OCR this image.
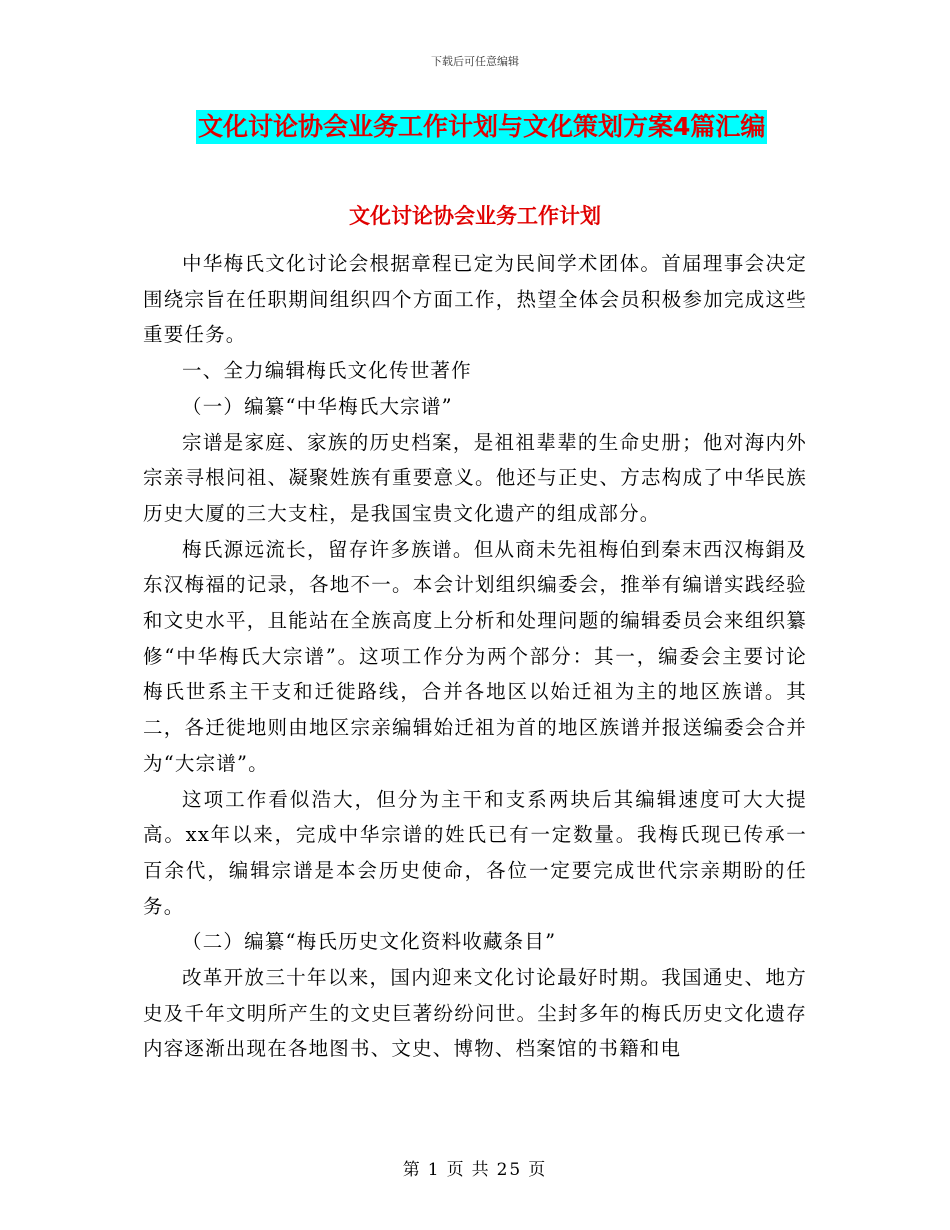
下载后可任意编辑
文化讨论协会业务工作计划与文化策划方案4篇汇编
文化讨论协会业务工作计划

中华梅氏文化讨论会根据章程已定为民间学术团体。首届理事会决定围绕宗旨在任职期间组织四个方面工作，热望全体会员积极参加完成这些重要任务。

一、全力编辑梅氏文化传世著作

（一）编纂“中华梅氏大宗谱”

宗谱是家庭、家族的历史档案，是祖祖辈辈的生命史册；他对海内外宗亲寻根问祖、凝聚姓族有重要意义。他还与正史、方志构成了中华民族历史大厦的三大支柱，是我国宝贵文化遗产的组成部分。

梅氏源远流长，留存许多族谱。但从商未先祖梅伯到秦末西汉梅鋗及东汉梅福的记录，各地不一。本会计划组织编委会，推举有编谱实践经验和文史水平，且能站在全族高度上分析和处理问题的编辑委员会来组织纂修“中华梅氏大宗谱”。这项工作分为两个部分：其一，编委会主要讨论梅氏世系主干支和迁徙路线，合并各地区以始迁祖为主的地区族谱。其二，各迁徙地则由地区宗亲编辑始迁祖为首的地区族谱并报送编委会合并为“大宗谱”。

这项工作看似浩大，但分为主干和支系两块后其编辑速度可大大提高。xx年以来，完成中华宗谱的姓氏已有一定数量。我梅氏现已传承一百余代，编辑宗谱是本会历史使命，各位一定要完成世代宗亲期盼的任务。

（二）编纂“梅氏历史文化资料收藏条目”

改革开放三十年以来，国内迎来文化讨论最好时期。我国通史、地方史及千年文明所产生的文史巨著纷纷问世。尘封多年的梅氏历史文化遗存内容逐渐出现在各地图书、文史、博物、档案馆的书籍和电

第 1 页 共 25 页
